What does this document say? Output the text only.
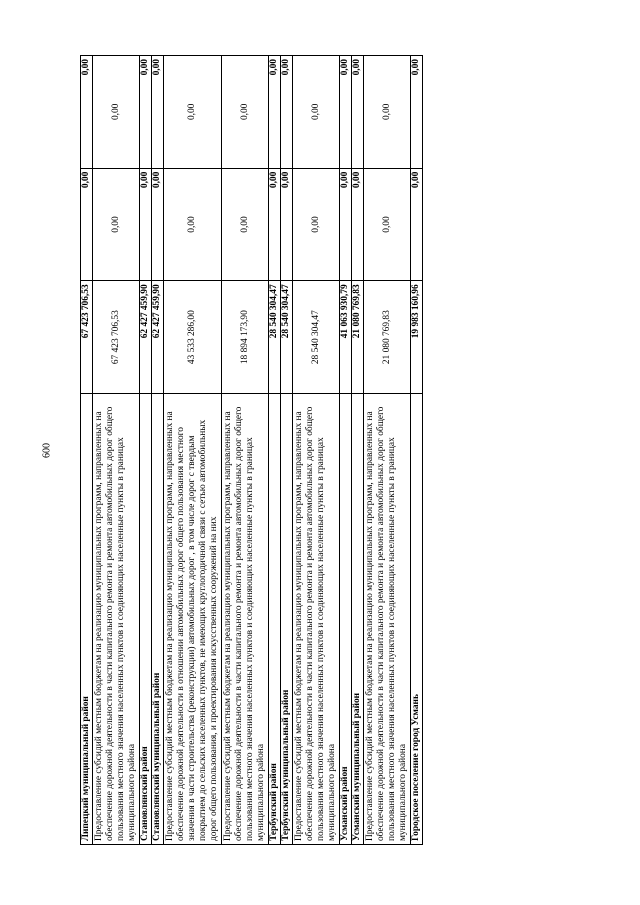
600
Липецкий муниципальный район	67 423 706,53	0,00	0,00
Предоставление субсидий местным бюджетам на реализацию муниципальных программ, направленных на обеспечение дорожной деятельности в части капитального ремонта и ремонта автомобильных дорог общего пользования местного значения населенных пунктов и соединяющих населенные пункты в границах муниципального района	67 423 706,53	0,00	0,00
Становлянский район	62 427 459,90	0,00	0,00
Становлянский муниципальный район	62 427 459,90	0,00	0,00
Предоставление субсидий местным бюджетам на реализацию муниципальных программ, направленных на обеспечение дорожной деятельности в отношении автомобильных дорог общего пользования местного значения в части строительства (реконструкции) автомобильных дорог , в том числе дорог с твердым покрытием до сельских населенных пунктов, не имеющих круглогодичной связи с сетью автомобильных дорог общего пользования, и проектирования искусственных сооружений на них	43 533 286,00	0,00	0,00
Предоставление субсидий местным бюджетам на реализацию муниципальных программ, направленных на обеспечение дорожной деятельности в части капитального ремонта и ремонта автомобильных дорог общего пользования местного значения населенных пунктов и соединяющих населенные пункты в границах муниципального района	18 894 173,90	0,00	0,00
Тербунский район	28 540 304,47	0,00	0,00
Тербунский муниципальный район	28 540 304,47	0,00	0,00
Предоставление субсидий местным бюджетам на реализацию муниципальных программ, направленных на обеспечение дорожной деятельности в части капитального ремонта и ремонта автомобильных дорог общего пользования местного значения населенных пунктов и соединяющих населенные пункты в границах муниципального района	28 540 304,47	0,00	0,00
Усманский район	41 063 930,79	0,00	0,00
Усманский муниципальный район	21 080 769,83	0,00	0,00
Предоставление субсидий местным бюджетам на реализацию муниципальных программ, направленных на обеспечение дорожной деятельности в части капитального ремонта и ремонта автомобильных дорог общего пользования местного значения населенных пунктов и соединяющих населенные пункты в границах муниципального района	21 080 769,83	0,00	0,00
Городское поселение город Усмань	19 983 160,96	0,00	0,00
